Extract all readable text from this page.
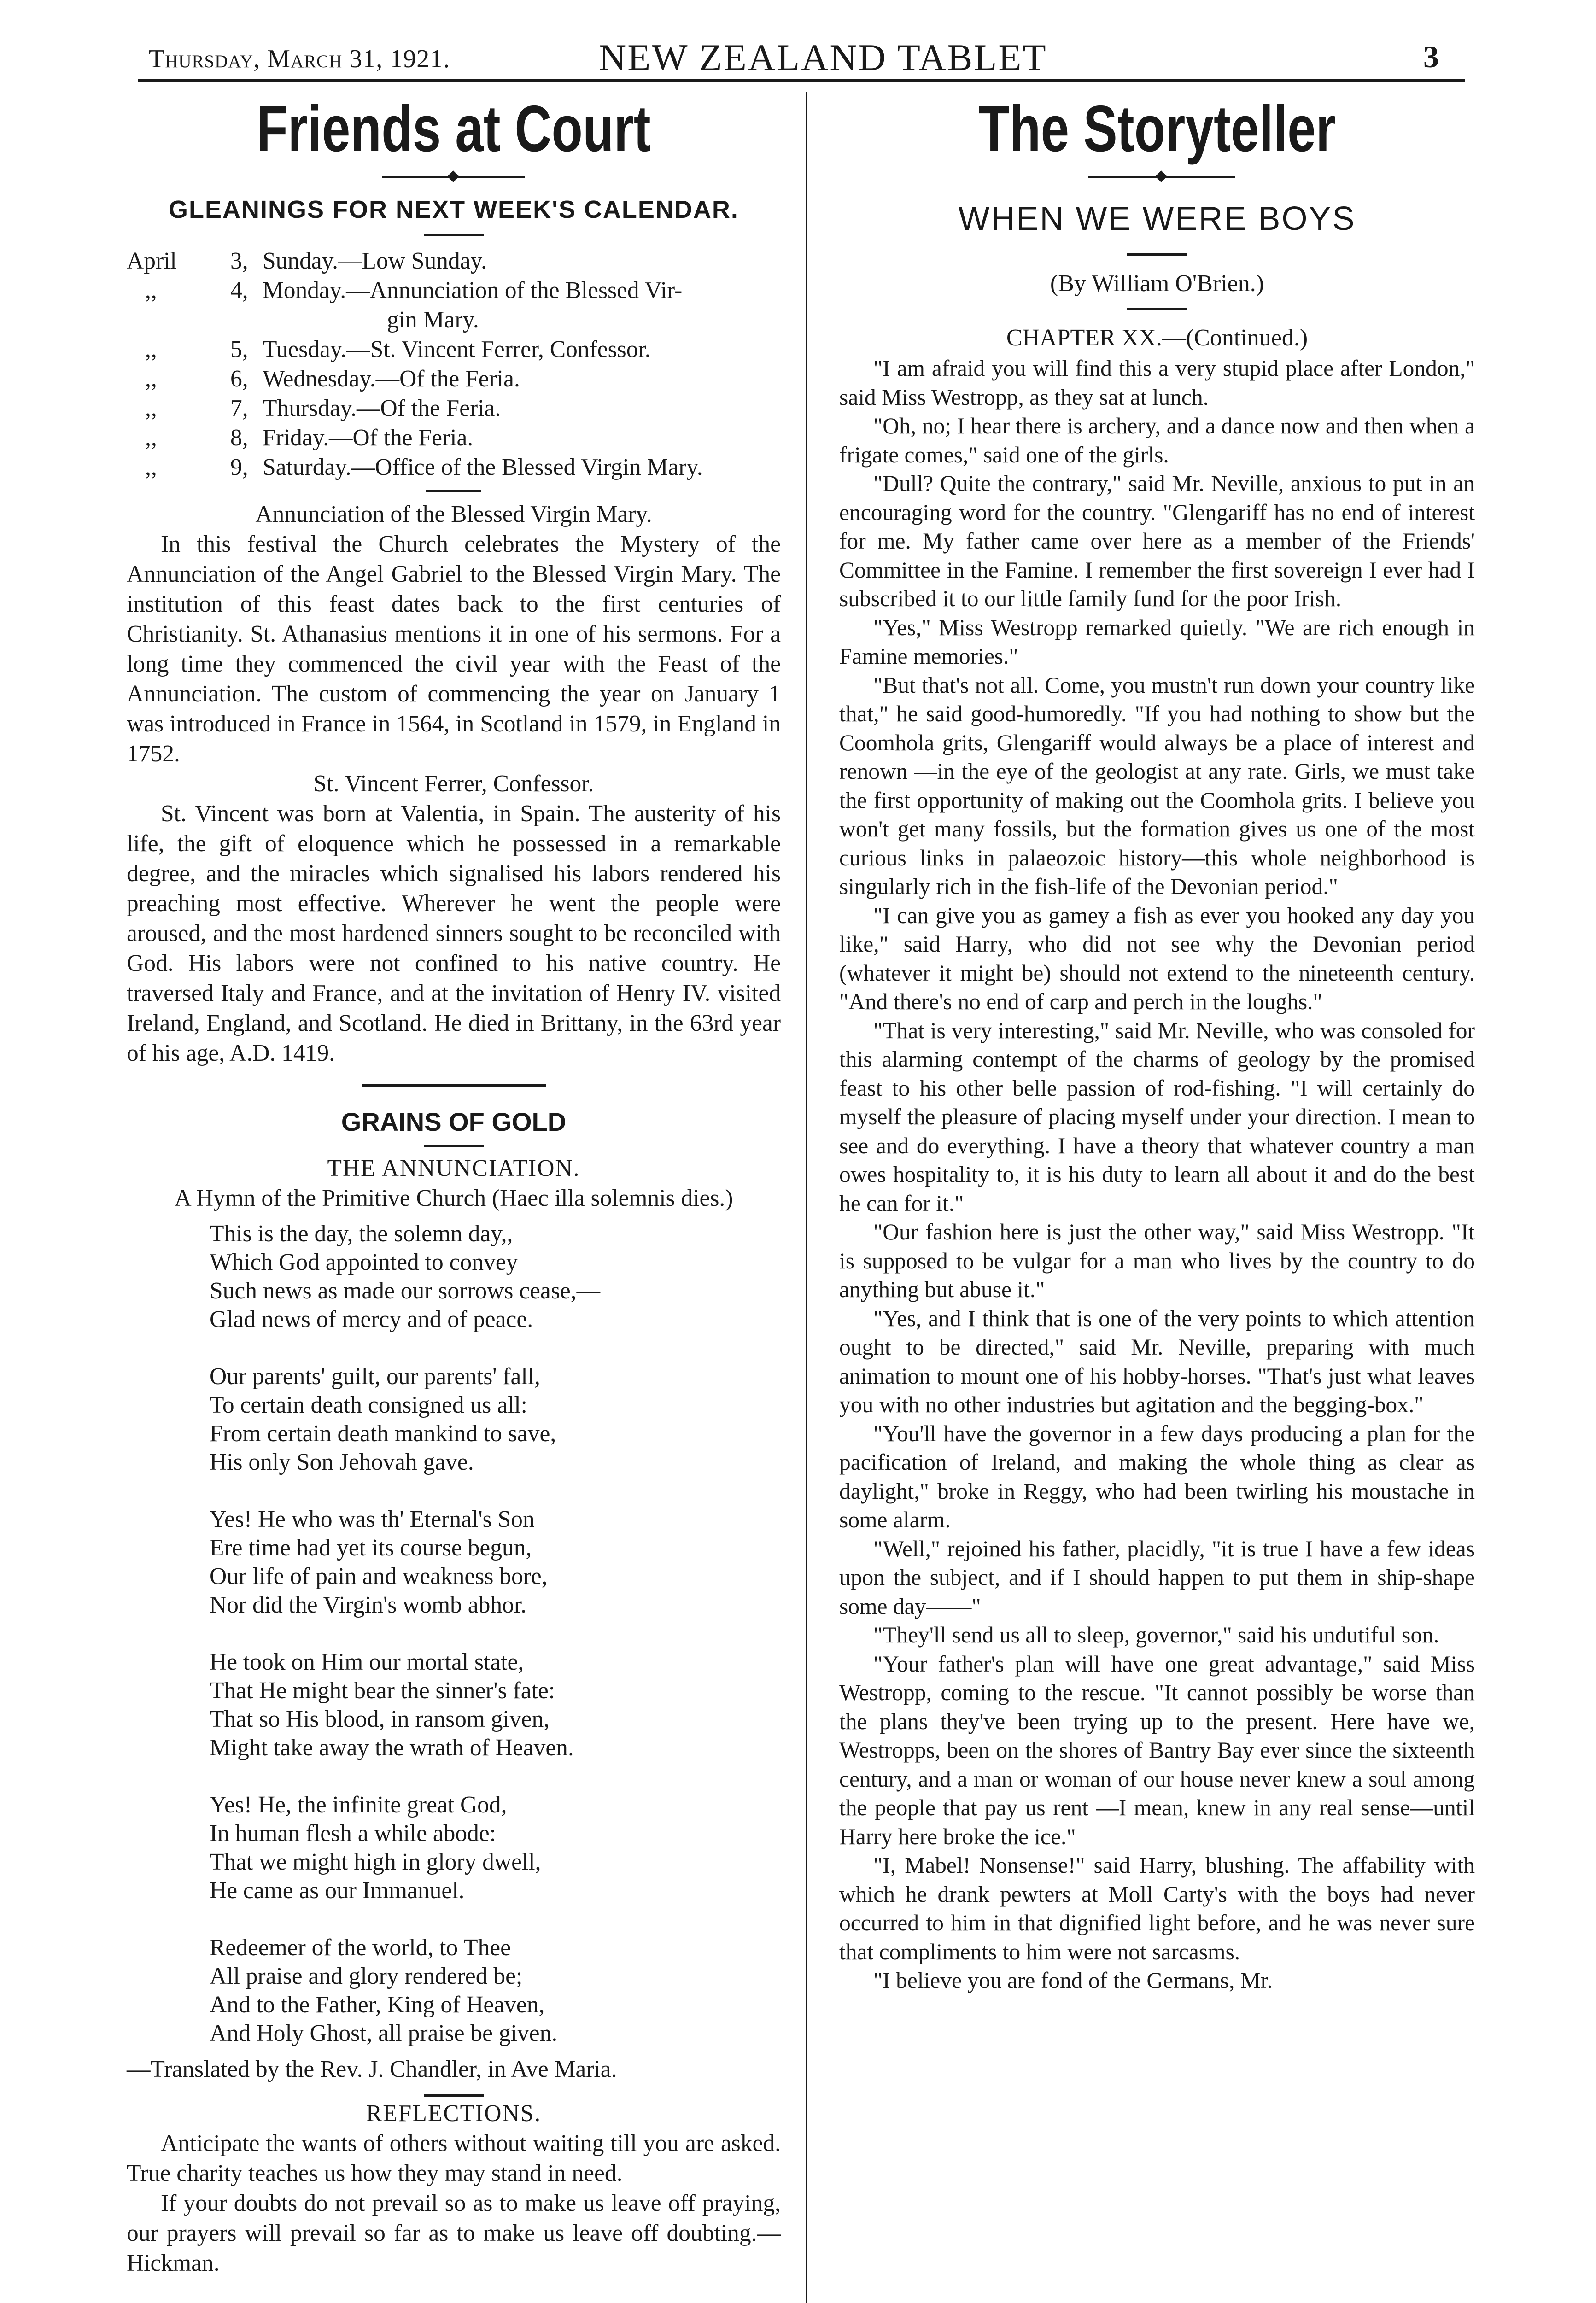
Thursday, March 31, 1921.	NEW ZEALAND TABLET	3
Friends at Court
GLEANINGS FOR NEXT WEEK'S CALENDAR.
April	3, Sunday.—Low Sunday.
,,	4, Monday.—Annunciation of the Blessed Vir-
gin Mary.
,,	5, Tuesday.—St. Vincent Ferrer, Confessor.
,,	6, Wednesday.—Of the Feria.
,,	7, Thursday.—Of the Feria.
,,	8, Friday.—Of the Feria.
,,	9, Saturday.—Office of the Blessed Virgin Mary.
Annunciation of the Blessed Virgin Mary.

In this festival the Church celebrates the Mystery of the Annunciation of the Angel Gabriel to the Blessed Virgin Mary. The institution of this feast dates back to the first centuries of Christianity. St. Athanasius mentions it in one of his sermons. For a long time they commenced the civil year with the Feast of the Annunciation. The custom of commencing the year on January 1 was introduced in France in 1564, in Scotland in 1579, in England in 1752.

St. Vincent Ferrer, Confessor.

St. Vincent was born at Valentia, in Spain. The austerity of his life, the gift of eloquence which he possessed in a remarkable degree, and the miracles which signalised his labors rendered his preaching most effective. Wherever he went the people were aroused, and the most hardened sinners sought to be reconciled with God. His labors were not confined to his native country. He traversed Italy and France, and at the invitation of Henry IV. visited Ireland, England, and Scotland. He died in Brittany, in the 63rd year of his age, A.D. 1419.

GRAINS OF GOLD
THE ANNUNCIATION.
A Hymn of the Primitive Church (Haec illa solemnis dies.)
This is the day, the solemn day,,
Which God appointed to convey
Such news as made our sorrows cease,—
Glad news of mercy and of peace.
Our parents' guilt, our parents' fall,
To certain death consigned us all:
From certain death mankind to save,
His only Son Jehovah gave.
Yes! He who was th' Eternal's Son
Ere time had yet its course begun,
Our life of pain and weakness bore,
Nor did the Virgin's womb abhor.
He took on Him our mortal state,
That He might bear the sinner's fate:
That so His blood, in ransom given,
Might take away the wrath of Heaven.
Yes! He, the infinite great God,
In human flesh a while abode:
That we might high in glory dwell,
He came as our Immanuel.
Redeemer of the world, to Thee
All praise and glory rendered be;
And to the Father, King of Heaven,
And Holy Ghost, all praise be given.
—Translated by the Rev. J. Chandler, in Ave Maria.
REFLECTIONS.

Anticipate the wants of others without waiting till you are asked. True charity teaches us how they may stand in need.

If your doubts do not prevail so as to make us leave off praying, our prayers will prevail so far as to make us leave off doubting.—Hickman.

The Storyteller
WHEN WE WERE BOYS
(By William O'Brien.)
CHAPTER XX.—(Continued.)

"I am afraid you will find this a very stupid place after London," said Miss Westropp, as they sat at lunch.

"Oh, no; I hear there is archery, and a dance now and then when a frigate comes," said one of the girls.

"Dull? Quite the contrary," said Mr. Neville, anxious to put in an encouraging word for the country. "Glengariff has no end of interest for me. My father came over here as a member of the Friends' Committee in the Famine. I remember the first sovereign I ever had I subscribed it to our little family fund for the poor Irish.

"Yes," Miss Westropp remarked quietly. "We are rich enough in Famine memories."

"But that's not all. Come, you mustn't run down your country like that," he said good-humoredly. "If you had nothing to show but the Coomhola grits, Glengariff would always be a place of interest and renown —in the eye of the geologist at any rate. Girls, we must take the first opportunity of making out the Coomhola grits. I believe you won't get many fossils, but the formation gives us one of the most curious links in palaeozoic history—this whole neighborhood is singularly rich in the fish-life of the Devonian period."

"I can give you as gamey a fish as ever you hooked any day you like," said Harry, who did not see why the Devonian period (whatever it might be) should not extend to the nineteenth century. "And there's no end of carp and perch in the loughs."

"That is very interesting," said Mr. Neville, who was consoled for this alarming contempt of the charms of geology by the promised feast to his other belle passion of rod-fishing. "I will certainly do myself the pleasure of placing myself under your direction. I mean to see and do everything. I have a theory that whatever country a man owes hospitality to, it is his duty to learn all about it and do the best he can for it."

"Our fashion here is just the other way," said Miss Westropp. "It is supposed to be vulgar for a man who lives by the country to do anything but abuse it."

"Yes, and I think that is one of the very points to which attention ought to be directed," said Mr. Neville, preparing with much animation to mount one of his hobby-horses. "That's just what leaves you with no other industries but agitation and the begging-box."

"You'll have the governor in a few days producing a plan for the pacification of Ireland, and making the whole thing as clear as daylight," broke in Reggy, who had been twirling his moustache in some alarm.

"Well," rejoined his father, placidly, "it is true I have a few ideas upon the subject, and if I should happen to put them in ship-shape some day——"

"They'll send us all to sleep, governor," said his undutiful son.

"Your father's plan will have one great advantage," said Miss Westropp, coming to the rescue. "It cannot possibly be worse than the plans they've been trying up to the present. Here have we, Westropps, been on the shores of Bantry Bay ever since the sixteenth century, and a man or woman of our house never knew a soul among the people that pay us rent —I mean, knew in any real sense—until Harry here broke the ice."

"I, Mabel! Nonsense!" said Harry, blushing. The affability with which he drank pewters at Moll Carty's with the boys had never occurred to him in that dignified light before, and he was never sure that compliments to him were not sarcasms.

"I believe you are fond of the Germans, Mr.
